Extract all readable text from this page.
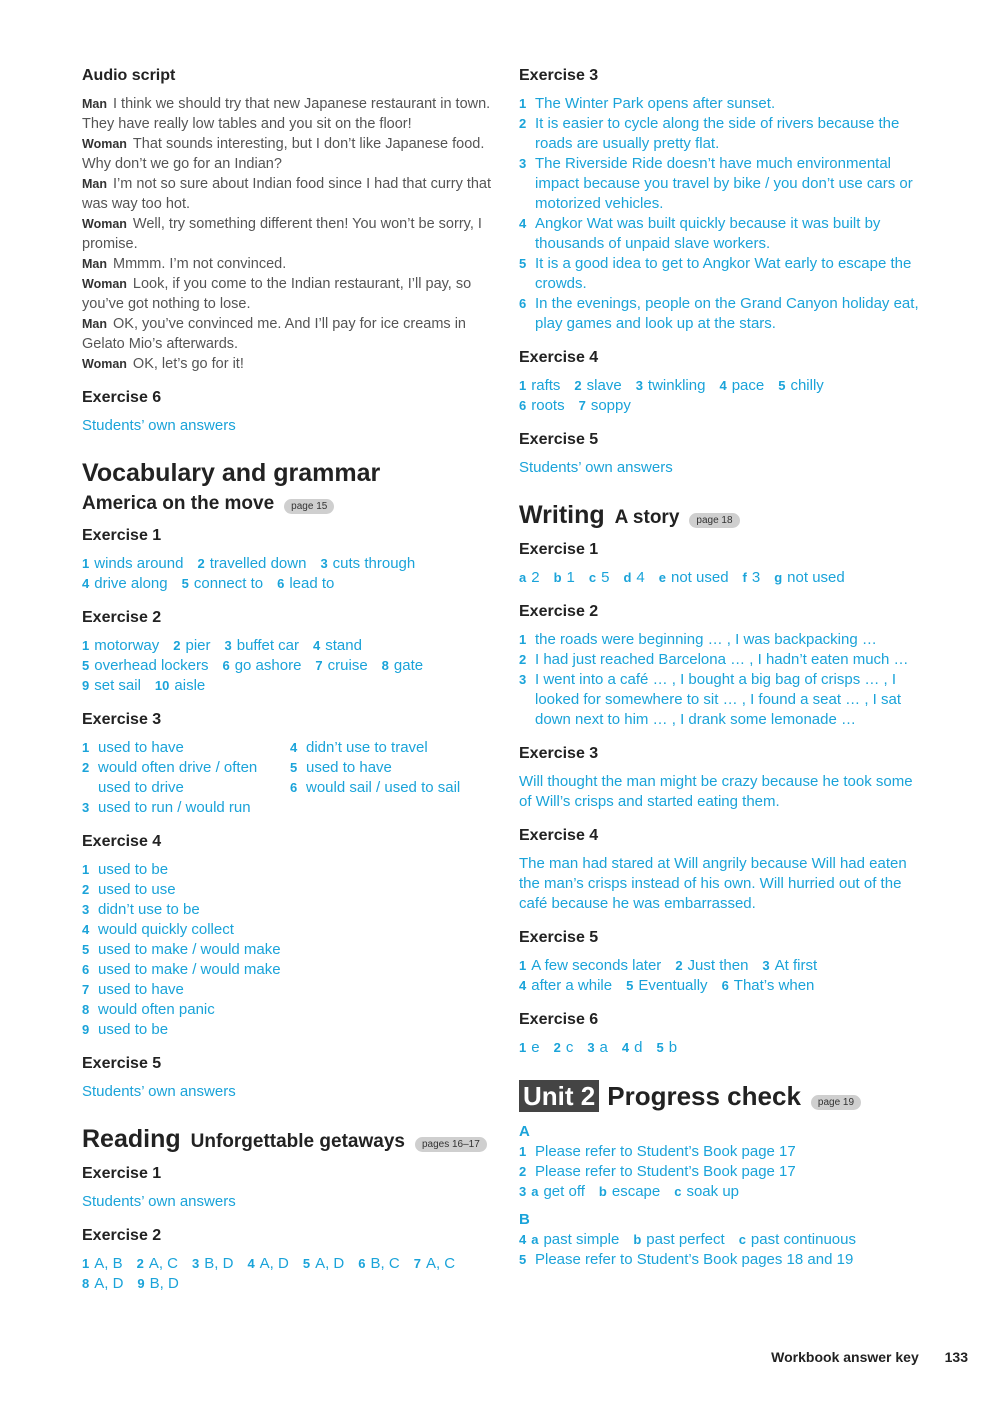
Audio script
Man I think we should try that new Japanese restaurant in town. They have really low tables and you sit on the floor!
Woman That sounds interesting, but I don’t like Japanese food. Why don’t we go for an Indian?
Man I’m not so sure about Indian food since I had that curry that was way too hot.
Woman Well, try something different then! You won’t be sorry, I promise.
Man Mmmm. I’m not convinced.
Woman Look, if you come to the Indian restaurant, I’ll pay, so you’ve got nothing to lose.
Man OK, you’ve convinced me. And I’ll pay for ice creams in Gelato Mio’s afterwards.
Woman OK, let’s go for it!
Exercise 6
Students’ own answers
Vocabulary and grammar
America on the move	page 15
Exercise 1
1 winds around 2 travelled down 3 cuts through
4 drive along 5 connect to 6 lead to
Exercise 2
1 motorway 2 pier 3 buffet car 4 stand
5 overhead lockers 6 go ashore 7 cruise 8 gate
9 set sail 10 aisle
Exercise 3
1 used to have
2 would often drive / often used to drive
3 used to run / would run
4 didn’t use to travel
5 used to have
6 would sail / used to sail
Exercise 4
1 used to be
2 used to use
3 didn’t use to be
4 would quickly collect
5 used to make / would make
6 used to make / would make
7 used to have
8 would often panic
9 used to be
Exercise 5
Students’ own answers
Reading Unforgettable getaways	pages 16–17
Exercise 1
Students’ own answers
Exercise 2
1 A, B 2 A, C 3 B, D 4 A, D 5 A, D 6 B, C 7 A, C
8 A, D 9 B, D
Exercise 3
1 The Winter Park opens after sunset.
2 It is easier to cycle along the side of rivers because the roads are usually pretty flat.
3 The Riverside Ride doesn’t have much environmental impact because you travel by bike / you don’t use cars or motorized vehicles.
4 Angkor Wat was built quickly because it was built by thousands of unpaid slave workers.
5 It is a good idea to get to Angkor Wat early to escape the crowds.
6 In the evenings, people on the Grand Canyon holiday eat, play games and look up at the stars.
Exercise 4
1 rafts 2 slave 3 twinkling 4 pace 5 chilly
6 roots 7 soppy
Exercise 5
Students’ own answers
Writing A story	page 18
Exercise 1
a 2 b 1 c 5 d 4 e not used f 3 g not used
Exercise 2
1 the roads were beginning … , I was backpacking …
2 I had just reached Barcelona … , I hadn’t eaten much …
3 I went into a café … , I bought a big bag of crisps … , I looked for somewhere to sit … , I found a seat … , I sat down next to him … , I drank some lemonade …
Exercise 3
Will thought the man might be crazy because he took some of Will’s crisps and started eating them.
Exercise 4
The man had stared at Will angrily because Will had eaten the man’s crisps instead of his own. Will hurried out of the café because he was embarrassed.
Exercise 5
1 A few seconds later 2 Just then 3 At first
4 after a while 5 Eventually 6 That’s when
Exercise 6
1 e 2 c 3 a 4 d 5 b
Unit 2 Progress check	page 19
A
1 Please refer to Student’s Book page 17
2 Please refer to Student’s Book page 17
3 a get off b escape c soak up
B
4 a past simple b past perfect c past continuous
5 Please refer to Student’s Book pages 18 and 19
Workbook answer key 133
